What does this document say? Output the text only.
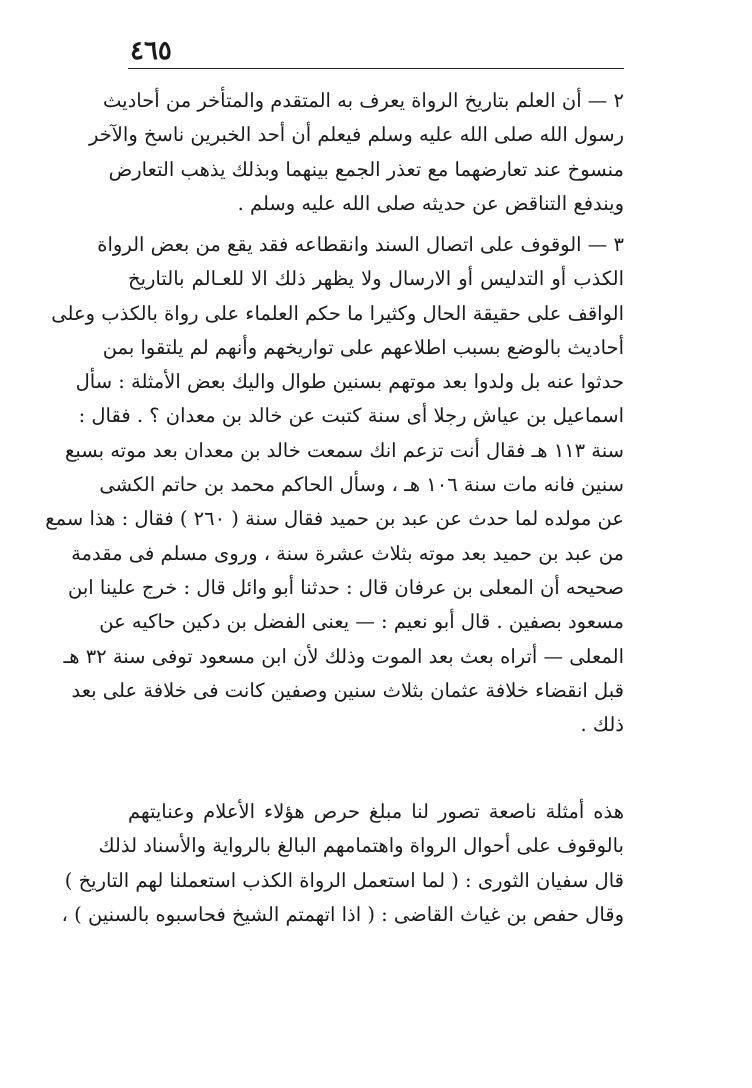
٤٦٥
٢ — أن العلم بتاريخ الرواة يعرف به المتقدم والمتأخر من أحاديث
رسول الله صلى الله عليه وسلم فيعلم أن أحد الخبرين ناسخ والآخر
منسوخ عند تعارضهما مع تعذر الجمع بينهما وبذلك يذهب التعارض
ويندفع التناقض عن حديثه صلى الله عليه وسلم .
٣ — الوقوف على اتصال السند وانقطاعه فقد يقع من بعض الرواة
الكذب أو التدليس أو الارسال ولا يظهر ذلك الا للعـالم بالتاريخ
الواقف على حقيقة الحال وكثيرا ما حكم العلماء على رواة بالكذب وعلى
أحاديث بالوضع بسبب اطلاعهم على تواريخهم وأنهم لم يلتقوا بمن
حدثوا عنه بل ولدوا بعد موتهم بسنين طوال واليك بعض الأمثلة : سأل
اسماعيل بن عياش رجلا أى سنة كتبت عن خالد بن معدان ؟ . فقال :
سنة ١١٣ هـ فقال أنت تزعم انك سمعت خالد بن معدان بعد موته بسبع
سنين فانه مات سنة ١٠٦ هـ ، وسأل الحاكم محمد بن حاتم الكشى
عن مولده لما حدث عن عبد بن حميد فقال سنة ( ٢٦٠ ) فقال : هذا سمع
من عبد بن حميد بعد موته بثلاث عشرة سنة ، وروى مسلم فى مقدمة
صحيحه أن المعلى بن عرفان قال : حدثنا أبو وائل قال : خرج علينا ابن
مسعود بصفين . قال أبو نعيم : — يعنى الفضل بن دكين حاكيه عن
المعلى — أتراه بعث بعد الموت وذلك لأن ابن مسعود توفى سنة ٣٢ هـ
قبل انقضاء خلافة عثمان بثلاث سنين وصفين كانت فى خلافة على بعد
ذلك .
هذه أمثلة ناصعة تصور لنا مبلغ حرص هؤلاء الأعلام وعنايتهم
بالوقوف على أحوال الرواة واهتمامهم البالغ بالرواية والأسناد لذلك
قال سفيان الثورى : ( لما استعمل الرواة الكذب استعملنا لهم التاريخ )
وقال حفص بن غياث القاضى : ( اذا اتهمتم الشيخ فحاسبوه بالسنين ) ،
